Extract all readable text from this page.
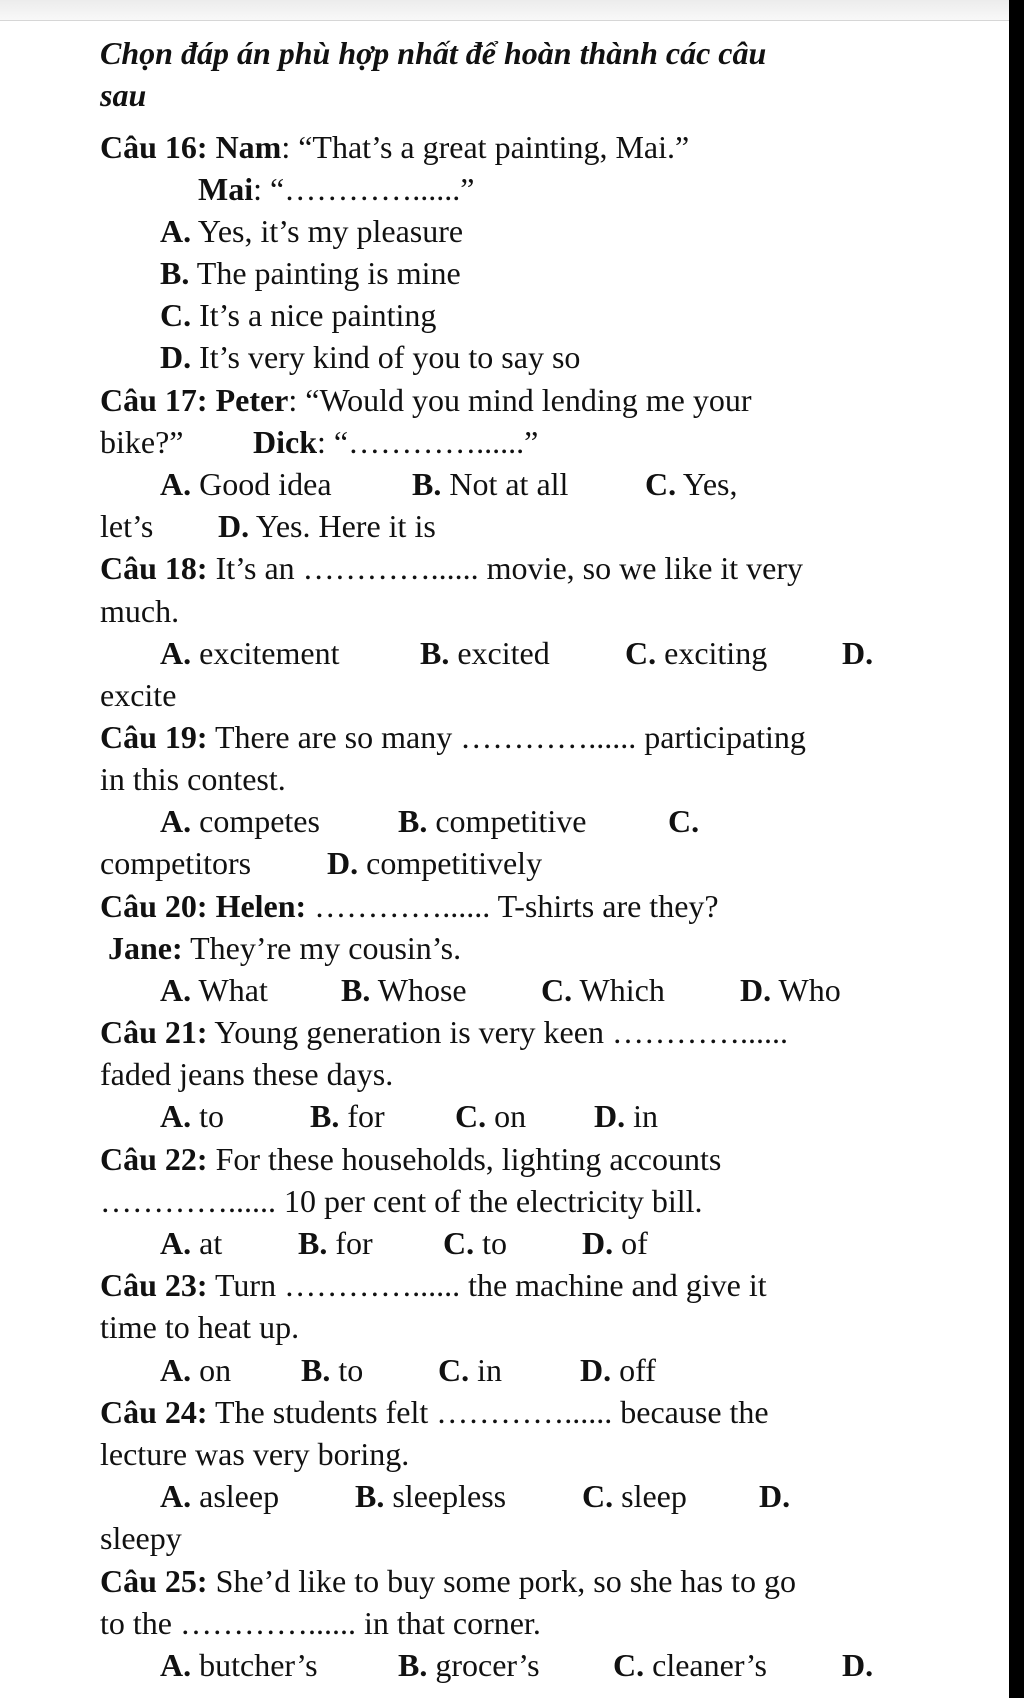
Chọn đáp án phù hợp nhất để hoàn thành các câu

sau

Câu 16: Nam: “That’s a great painting, Mai.”

Mai: “…………......”

A. Yes, it’s my pleasure

B. The painting is mine

C. It’s a nice painting

D. It’s very kind of you to say so

Câu 17: Peter: “Would you mind lending me your

bike?” Dick: “…………......”

A. Good idea	B. Not at all C. Yes,

let’s D. Yes. Here it is

Câu 18: It’s an …………...... movie, so we like it very

much.

A. excitement	B. excited C. exciting D.

excite

Câu 19: There are so many …………...... participating

in this contest.

A. competes B. competitive	C.

competitors D. competitively

Câu 20: Helen: …………...... T-shirts are they?

Jane: They’re my cousin’s.

A. What B. Whose C. Which D. Who

Câu 21: Young generation is very keen …………......

faded jeans these days.

A. to	B. for C. on D. in

Câu 22: For these households, lighting accounts

…………...... 10 per cent of the electricity bill.

A. at B. for C. to D. of

Câu 23: Turn …………...... the machine and give it

time to heat up.

A. on B. to C. in D. off

Câu 24: The students felt …………...... because the

lecture was very boring.

A. asleep B. sleepless C. sleep D.

sleepy

Câu 25: She’d like to buy some pork, so she has to go

to the …………...... in that corner.

A. butcher’s	B. grocer’s C. cleaner’s D.
